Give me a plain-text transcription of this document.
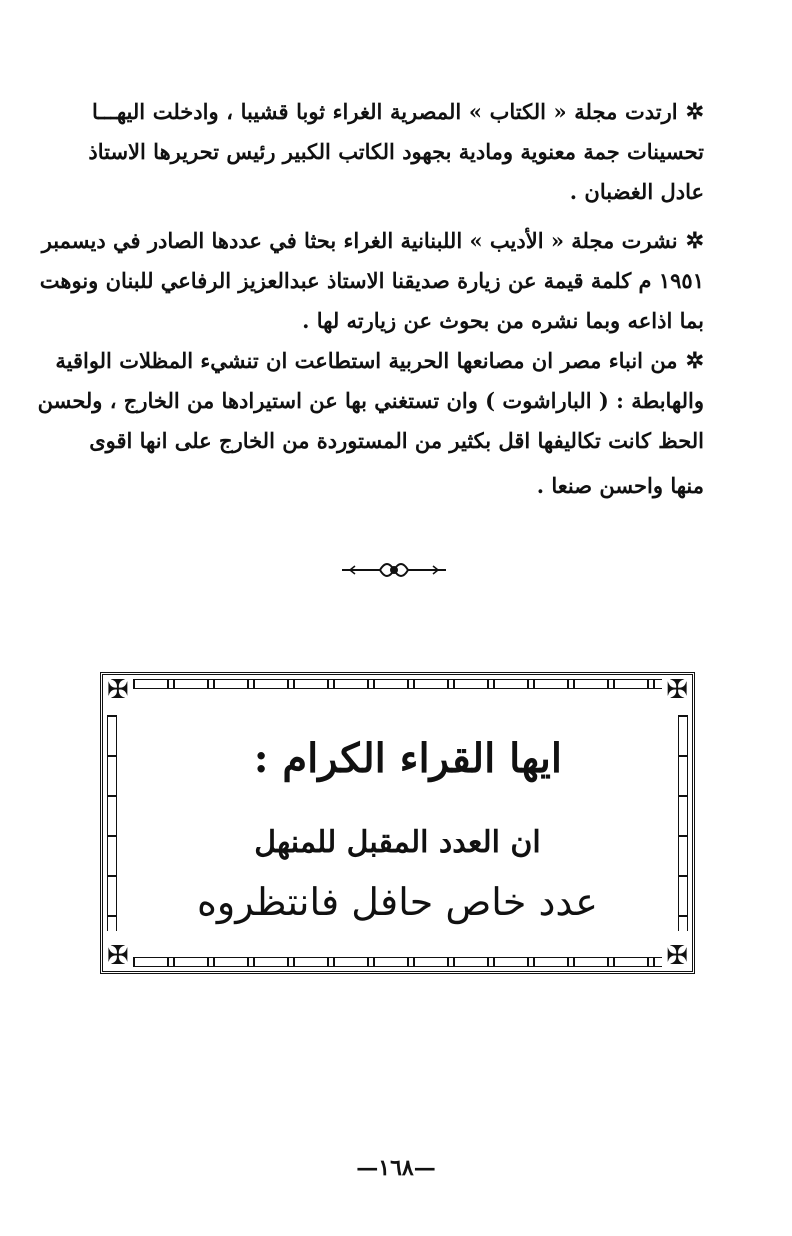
✲ارتدت مجلة « الكتاب » المصرية الغراء ثوبا قشيبا ، وادخلت اليهـــا
تحسينات جمة معنوية ومادية بجهود الكاتب الكبير رئيس تحريرها الاستاذ
عادل الغضبان .
✲نشرت مجلة « الأديب » اللبنانية الغراء بحثا في عددها الصادر في ديسمبر
١٩٥١ م كلمة قيمة عن زيارة صديقنا الاستاذ عبدالعزيز الرفاعي للبنان ونوهت
بما اذاعه وبما نشره من بحوث عن زيارته لها .
✲من انباء مصر ان مصانعها الحربية استطاعت ان تنشيء المظلات الواقية
والهابطة : ( الباراشوت ) وان تستغني بها عن استيرادها من الخارج ، ولحسن
الحظ كانت تكاليفها اقل بكثير من المستوردة من الخارج على انها اقوى
منها واحسن صنعا .
✠	✠
✠	✠
ايها القراء الكرام :
ان العدد المقبل للمنهل
عدد خاص حافل فانتظروه
—١٦٨—
